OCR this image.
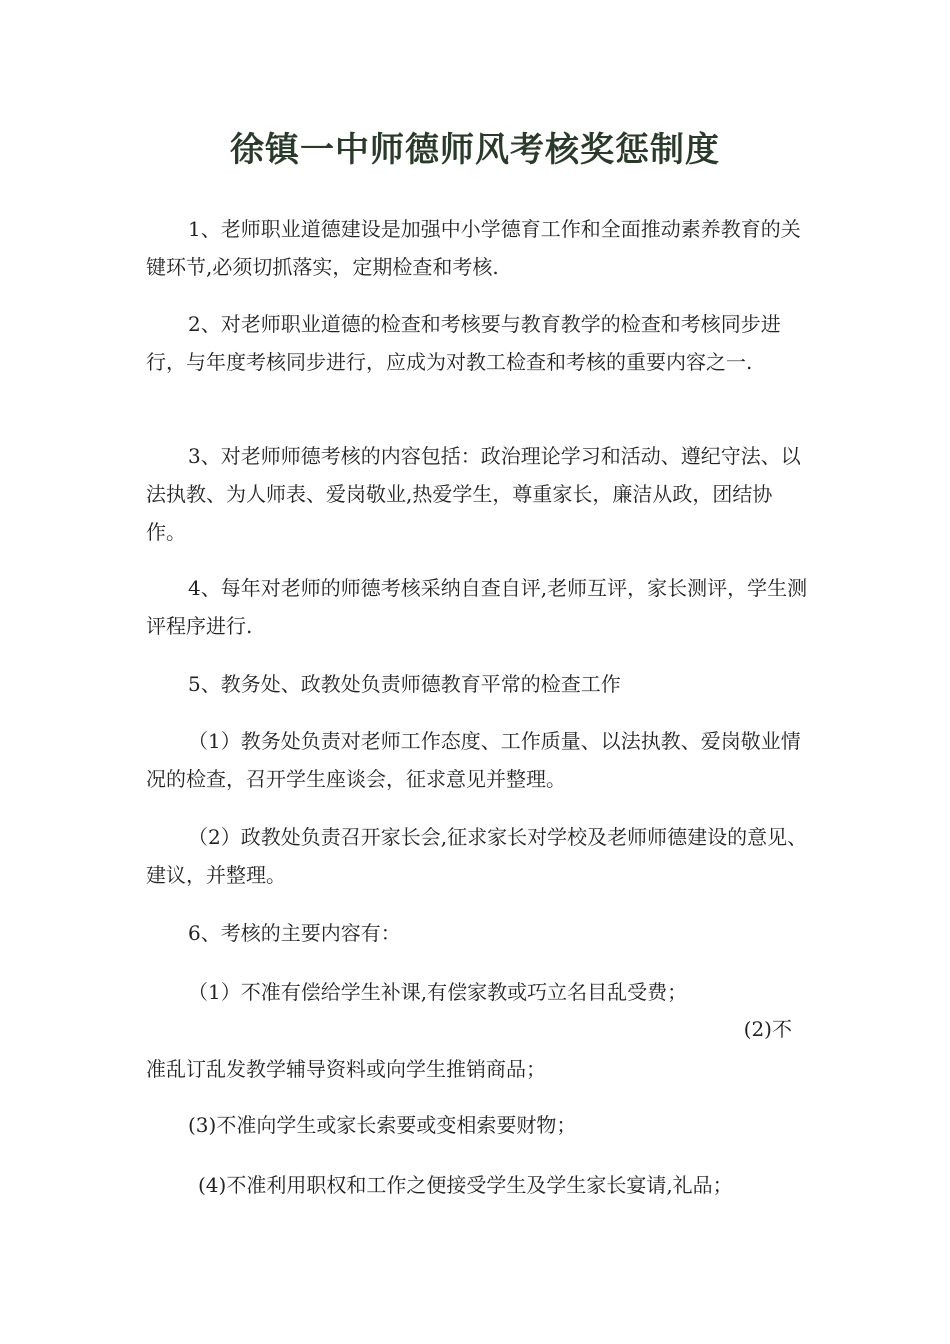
徐镇一中师德师风考核奖惩制度

1、老师职业道德建设是加强中小学德育工作和全面推动素养教育的关键环节,必须切抓落实，定期检查和考核.

2、对老师职业道德的检查和考核要与教育教学的检查和考核同步进行，与年度考核同步进行，应成为对教工检查和考核的重要内容之一.

3、对老师师德考核的内容包括：政治理论学习和活动、遵纪守法、以法执教、为人师表、爱岗敬业,热爱学生，尊重家长，廉洁从政，团结协作。

4、每年对老师的师德考核采纳自查自评,老师互评，家长测评，学生测评程序进行.

5、教务处、政教处负责师德教育平常的检查工作

（1）教务处负责对老师工作态度、工作质量、以法执教、爱岗敬业情况的检查，召开学生座谈会，征求意见并整理。

（2）政教处负责召开家长会,征求家长对学校及老师师德建设的意见、建议，并整理。

6、考核的主要内容有：

（1）不准有偿给学生补课,有偿家教或巧立名目乱受费；

(2)不

准乱订乱发教学辅导资料或向学生推销商品；

(3)不准向学生或家长索要或变相索要财物；

(4)不准利用职权和工作之便接受学生及学生家长宴请,礼品；
